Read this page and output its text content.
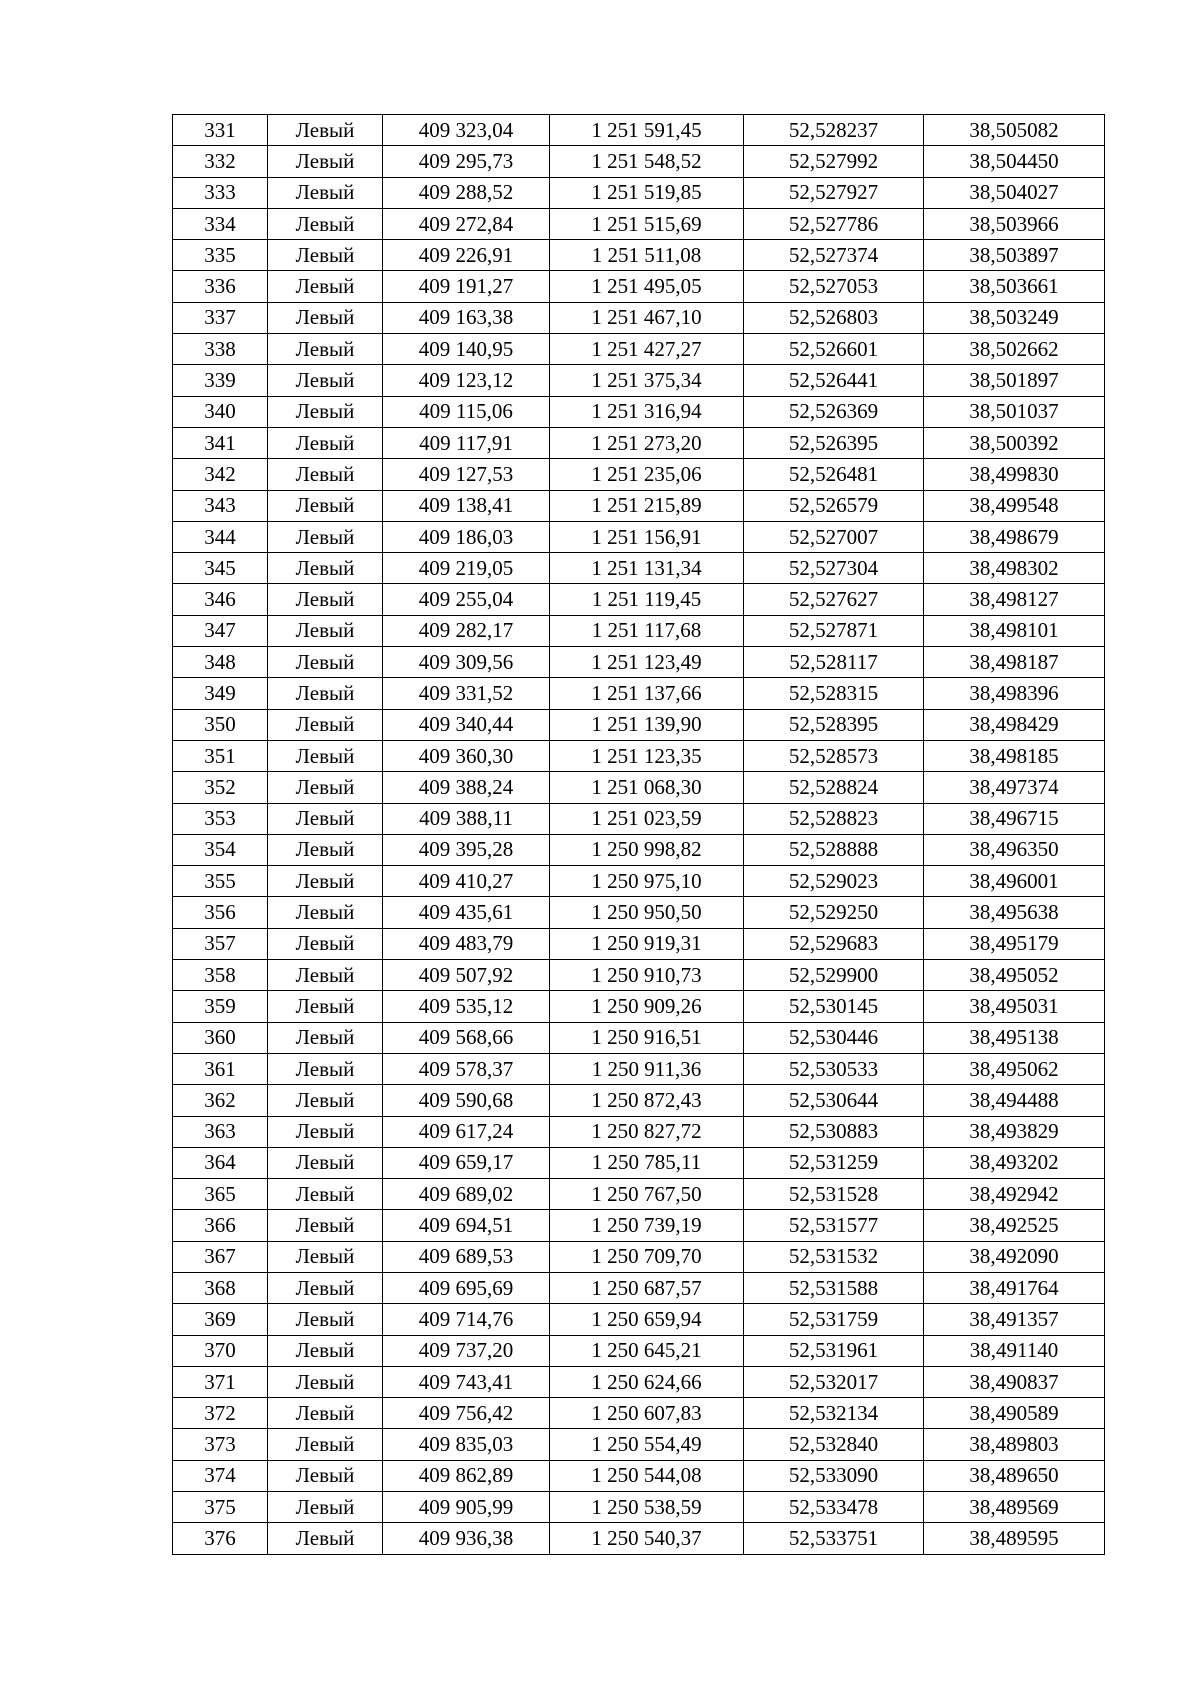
331	Левый	409 323,04	1 251 591,45	52,528237	38,505082
332	Левый	409 295,73	1 251 548,52	52,527992	38,504450
333	Левый	409 288,52	1 251 519,85	52,527927	38,504027
334	Левый	409 272,84	1 251 515,69	52,527786	38,503966
335	Левый	409 226,91	1 251 511,08	52,527374	38,503897
336	Левый	409 191,27	1 251 495,05	52,527053	38,503661
337	Левый	409 163,38	1 251 467,10	52,526803	38,503249
338	Левый	409 140,95	1 251 427,27	52,526601	38,502662
339	Левый	409 123,12	1 251 375,34	52,526441	38,501897
340	Левый	409 115,06	1 251 316,94	52,526369	38,501037
341	Левый	409 117,91	1 251 273,20	52,526395	38,500392
342	Левый	409 127,53	1 251 235,06	52,526481	38,499830
343	Левый	409 138,41	1 251 215,89	52,526579	38,499548
344	Левый	409 186,03	1 251 156,91	52,527007	38,498679
345	Левый	409 219,05	1 251 131,34	52,527304	38,498302
346	Левый	409 255,04	1 251 119,45	52,527627	38,498127
347	Левый	409 282,17	1 251 117,68	52,527871	38,498101
348	Левый	409 309,56	1 251 123,49	52,528117	38,498187
349	Левый	409 331,52	1 251 137,66	52,528315	38,498396
350	Левый	409 340,44	1 251 139,90	52,528395	38,498429
351	Левый	409 360,30	1 251 123,35	52,528573	38,498185
352	Левый	409 388,24	1 251 068,30	52,528824	38,497374
353	Левый	409 388,11	1 251 023,59	52,528823	38,496715
354	Левый	409 395,28	1 250 998,82	52,528888	38,496350
355	Левый	409 410,27	1 250 975,10	52,529023	38,496001
356	Левый	409 435,61	1 250 950,50	52,529250	38,495638
357	Левый	409 483,79	1 250 919,31	52,529683	38,495179
358	Левый	409 507,92	1 250 910,73	52,529900	38,495052
359	Левый	409 535,12	1 250 909,26	52,530145	38,495031
360	Левый	409 568,66	1 250 916,51	52,530446	38,495138
361	Левый	409 578,37	1 250 911,36	52,530533	38,495062
362	Левый	409 590,68	1 250 872,43	52,530644	38,494488
363	Левый	409 617,24	1 250 827,72	52,530883	38,493829
364	Левый	409 659,17	1 250 785,11	52,531259	38,493202
365	Левый	409 689,02	1 250 767,50	52,531528	38,492942
366	Левый	409 694,51	1 250 739,19	52,531577	38,492525
367	Левый	409 689,53	1 250 709,70	52,531532	38,492090
368	Левый	409 695,69	1 250 687,57	52,531588	38,491764
369	Левый	409 714,76	1 250 659,94	52,531759	38,491357
370	Левый	409 737,20	1 250 645,21	52,531961	38,491140
371	Левый	409 743,41	1 250 624,66	52,532017	38,490837
372	Левый	409 756,42	1 250 607,83	52,532134	38,490589
373	Левый	409 835,03	1 250 554,49	52,532840	38,489803
374	Левый	409 862,89	1 250 544,08	52,533090	38,489650
375	Левый	409 905,99	1 250 538,59	52,533478	38,489569
376	Левый	409 936,38	1 250 540,37	52,533751	38,489595
